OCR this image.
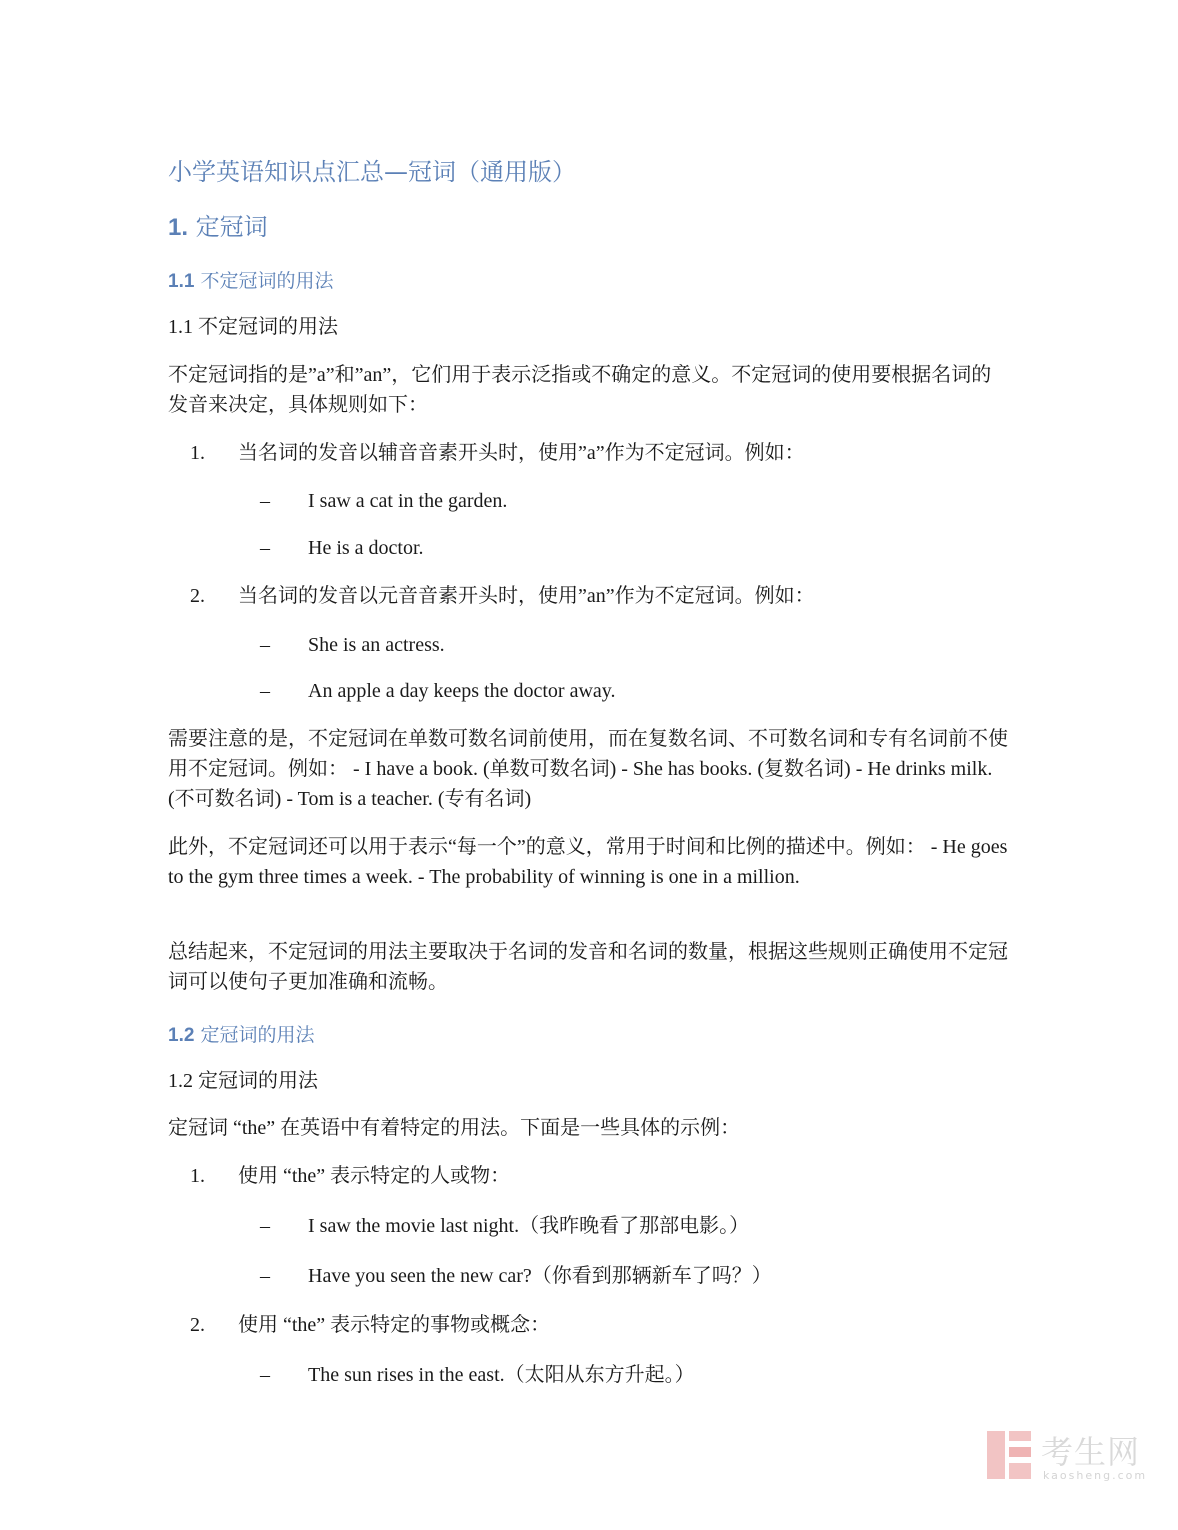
小学英语知识点汇总—冠词（通用版）
1. 定冠词
1.1 不定冠词的用法
1.1 不定冠词的用法
不定冠词指的是”a”和”an”，它们用于表示泛指或不确定的意义。不定冠词的使用要根据名词的发音来决定，具体规则如下：
1. 当名词的发音以辅音音素开头时，使用”a”作为不定冠词。例如：
– I saw a cat in the garden.
– He is a doctor.
2. 当名词的发音以元音音素开头时，使用”an”作为不定冠词。例如：
– She is an actress.
– An apple a day keeps the doctor away.
需要注意的是，不定冠词在单数可数名词前使用，而在复数名词、不可数名词和专有名词前不使用不定冠词。例如： - I have a book. (单数可数名词) - She has books. (复数名词) - He drinks milk. (不可数名词) - Tom is a teacher. (专有名词)
此外，不定冠词还可以用于表示“每一个”的意义，常用于时间和比例的描述中。例如： - He goes to the gym three times a week. - The probability of winning is one in a million.
总结起来，不定冠词的用法主要取决于名词的发音和名词的数量，根据这些规则正确使用不定冠词可以使句子更加准确和流畅。
1.2 定冠词的用法
1.2 定冠词的用法
定冠词 “the” 在英语中有着特定的用法。下面是一些具体的示例：
1. 使用 “the” 表示特定的人或物：
– I saw the movie last night.（我昨晚看了那部电影。）
– Have you seen the new car?（你看到那辆新车了吗？）
2. 使用 “the” 表示特定的事物或概念：
– The sun rises in the east.（太阳从东方升起。）
考生网
kaosheng.com
